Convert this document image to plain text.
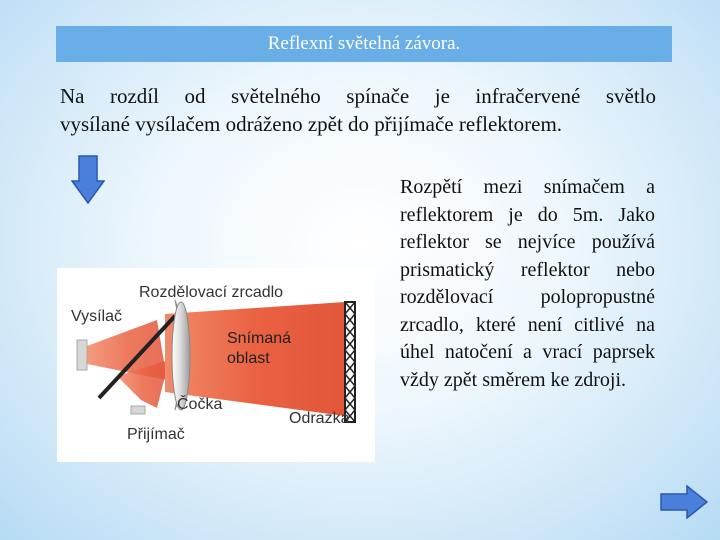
Reflexní světelná závora.
Na rozdíl od světelného spínače je infračervené světlo
vysílané vysílačem odráženo zpět do přijímače reflektorem.
Rozdělovací zrcadlo
Vysílač
Snímaná
oblast
Čočka
Přijímač
Odrazka
Rozpětí mezi snímačem a reflektorem je do 5m. Jako reflektor se nejvíce používá prismatický reflektor nebo rozdělovací polopropustné zrcadlo, které není citlivé na úhel natočení a vrací paprsek vždy zpět směrem ke zdroji.
